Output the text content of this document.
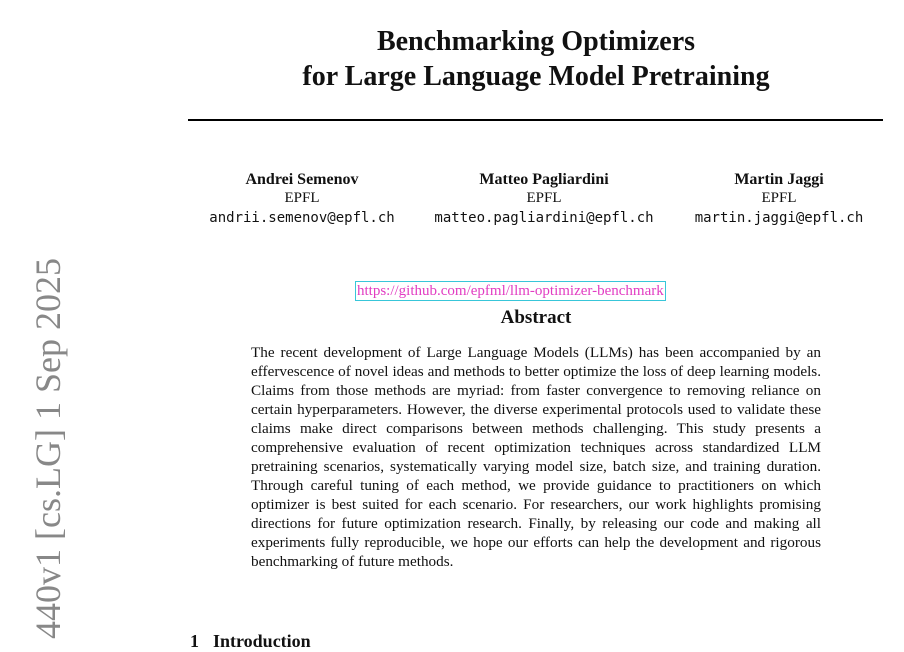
Benchmarking Optimizers
for Large Language Model Pretraining
Andrei Semenov
EPFL
andrii.semenov@epfl.ch
Matteo Pagliardini
EPFL
matteo.pagliardini@epfl.ch
Martin Jaggi
EPFL
martin.jaggi@epfl.ch
https://github.com/epfml/llm-optimizer-benchmark
Abstract

The recent development of Large Language Models (LLMs) has been accompanied by an effervescence of novel ideas and methods to better optimize the loss of deep learning models. Claims from those methods are myriad: from faster convergence to removing reliance on certain hyperparameters. However, the diverse experimental protocols used to validate these claims make direct comparisons between methods challenging. This study presents a comprehensive evaluation of recent optimization techniques across standardized LLM pretraining scenarios, systematically varying model size, batch size, and training duration. Through careful tuning of each method, we provide guidance to practitioners on which optimizer is best suited for each scenario. For researchers, our work highlights promising directions for future optimization research. Finally, by releasing our code and making all experiments fully reproducible, we hope our efforts can help the development and rigorous benchmarking of future methods.

440v1 [cs.LG] 1 Sep 2025
1 Introduction
